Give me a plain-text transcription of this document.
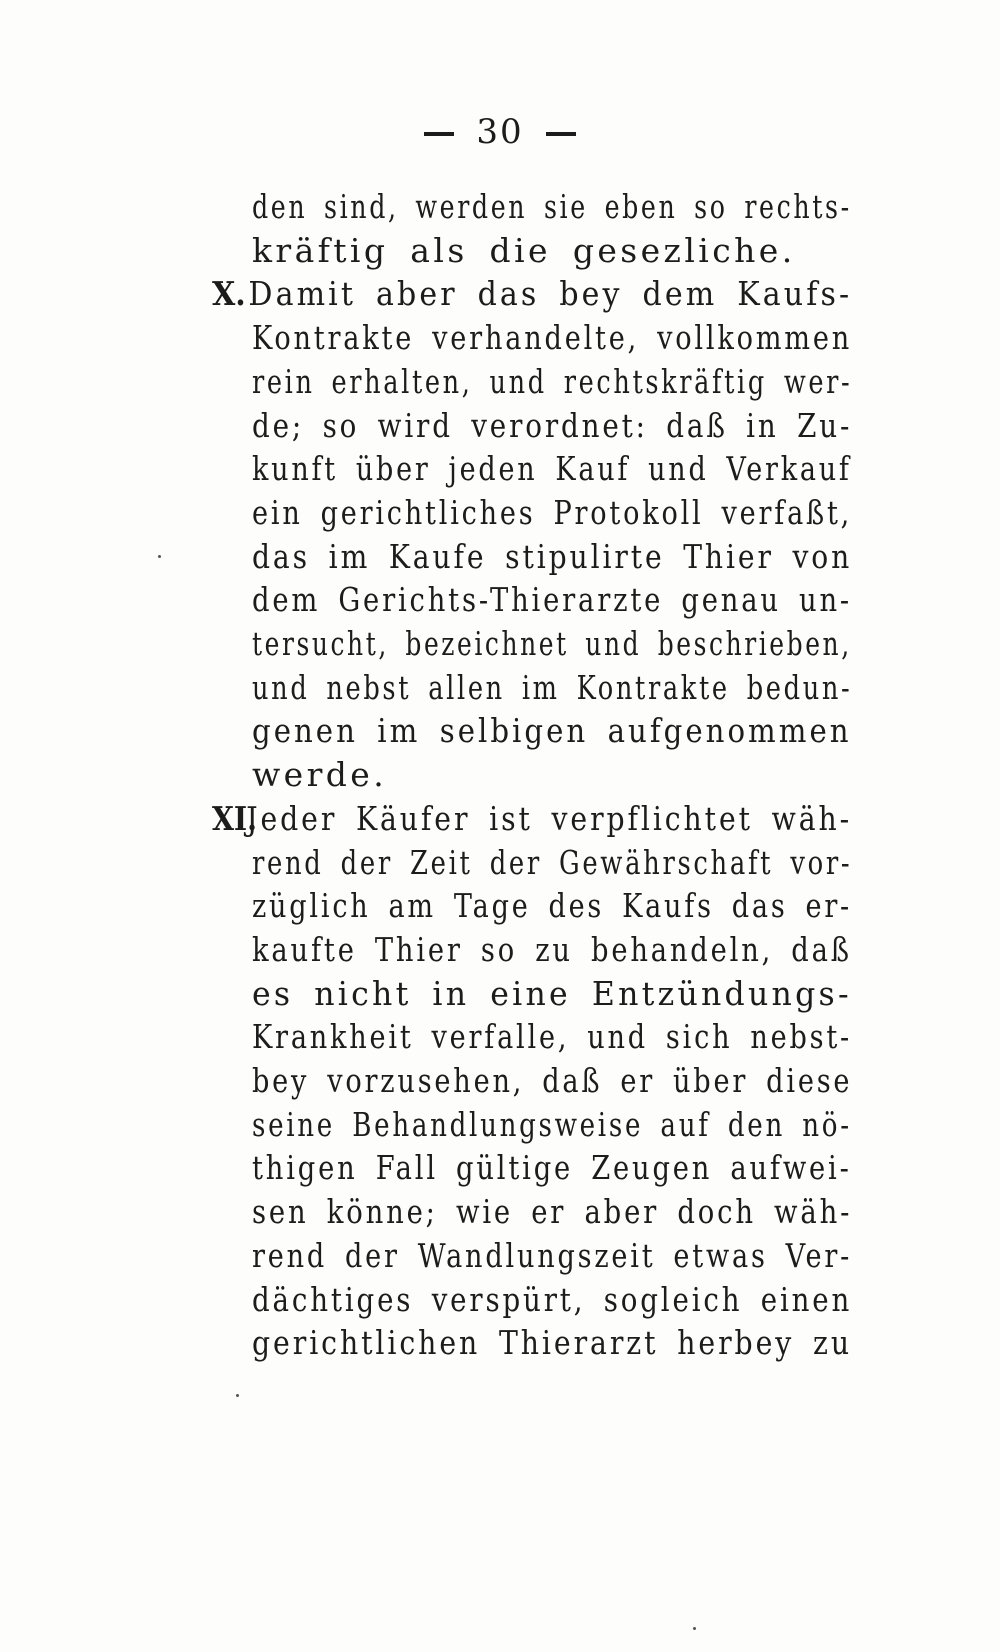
30
den sind, werden sie eben so rechts-
kräftig als die gesezliche.
X.Damit aber das bey dem Kaufs-
Kontrakte verhandelte, vollkommen
rein erhalten, und rechtskräftig wer-
de; so wird verordnet: daß in Zu-
kunft über jeden Kauf und Verkauf
ein gerichtliches Protokoll verfaßt,
das im Kaufe stipulirte Thier von
dem Gerichts-Thierarzte genau un-
tersucht, bezeichnet und beschrieben,
und nebst allen im Kontrakte bedun-
genen im selbigen aufgenommen
werde.
XI.Jeder Käufer ist verpflichtet wäh-
rend der Zeit der Gewährschaft vor-
züglich am Tage des Kaufs das er-
kaufte Thier so zu behandeln, daß
es nicht in eine Entzündungs-
Krankheit verfalle, und sich nebst-
bey vorzusehen, daß er über diese
seine Behandlungsweise auf den nö-
thigen Fall gültige Zeugen aufwei-
sen könne; wie er aber doch wäh-
rend der Wandlungszeit etwas Ver-
dächtiges verspürt, sogleich einen
gerichtlichen Thierarzt herbey zu
